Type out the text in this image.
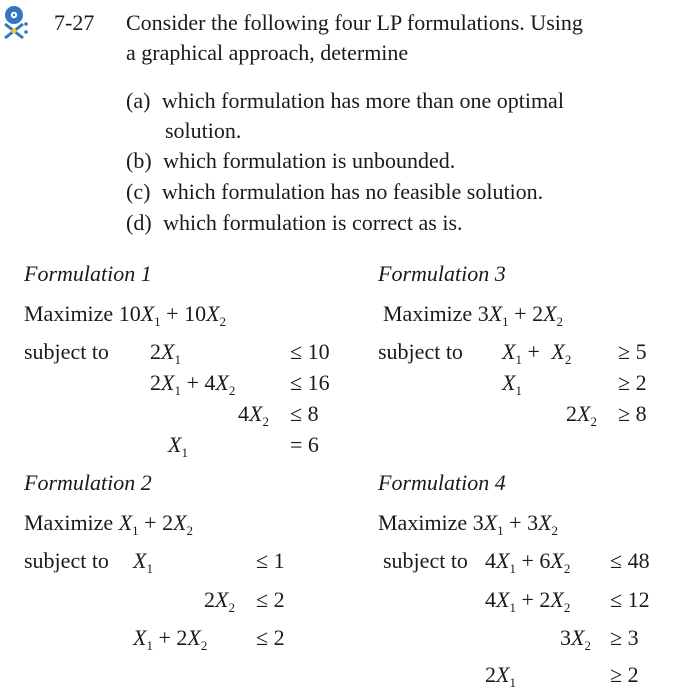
7-27 Consider the following four LP formulations. Using
a graphical approach, determine
(a) which formulation has more than one optimal
solution.
(b) which formulation is unbounded.
(c) which formulation has no feasible solution.
(d) which formulation is correct as is.
Formulation 1
Maximize $10X_1 + 10X_2$
subject to $2X_1$	≤ 10
$2X_1 + 4X_2 \le 16$
$4X_2 \le 8$
$X_1$	= 6
Formulation 3
Maximize $3X_1 + 2X_2$
subject to $X_1 + X_2 \ge 5$
$X_1$	≥ 2
$2X_2 \ge 8$
Formulation 2
Maximize $X_1 + 2X_2$
subject to $X_1$	≤ 1
$2X_2 \le 2$
$X_1 + 2X_2 \le 2$
Formulation 4
Maximize $3X_1 + 3X_2$
subject to $4X_1 + 6X_2 \le 48$
$4X_1 + 2X_2 \le 12$
$3X_2 \ge 3$
$2X_1$	≥ 2
